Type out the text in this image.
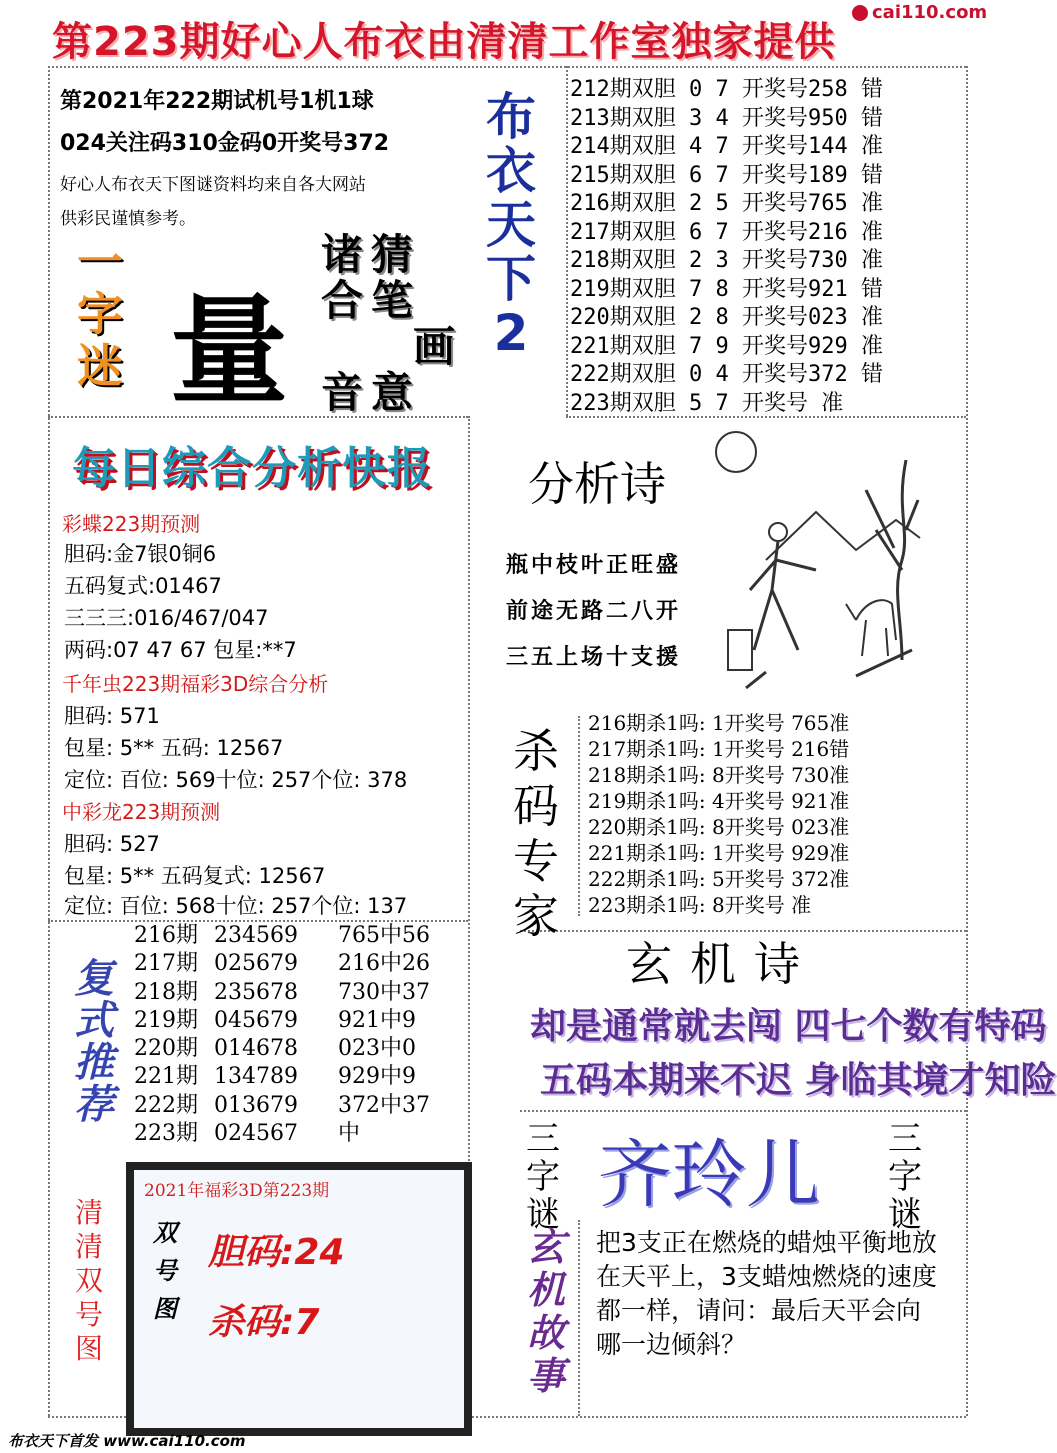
第223期好心人布衣由清清工作室独家提供
cai110.com
第2021年222期试机号1机1球
024关注码310金码0开奖号372
好心人布衣天下图谜资料均来自各大网站
供彩民谨慎参考。
布
衣
天
下
2
212期双胆 0 7 开奖号258 错
213期双胆 3 4 开奖号950 错
214期双胆 4 7 开奖号144 准
215期双胆 6 7 开奖号189 错
216期双胆 2 5 开奖号765 准
217期双胆 6 7 开奖号216 准
218期双胆 2 3 开奖号730 准
219期双胆 7 8 开奖号921 错
220期双胆 2 8 开奖号023 准
221期双胆 7 9 开奖号929 准
222期双胆 0 4 开奖号372 错
223期双胆 5 7 开奖号 准
一
字
迷 量
诸
合
音
猜
笔
意
画
每日综合分析快报
彩蝶223期预测
胆码:金7银0铜6
五码复式:01467
三三三:016/467/047
两码:07 47 67 包星:**7
千年虫223期福彩3D综合分析
胆码: 571
包星: 5** 五码: 12567
定位: 百位: 569十位: 257个位: 378
中彩龙223期预测
胆码: 527
包星: 5** 五码复式: 12567
定位: 百位: 568十位: 257个位: 137
分析诗
瓶中枝叶正旺盛
前途无路二八开
三五上场十支援
杀
码
专
家
216期杀1吗: 1开奖号 765准
217期杀1吗: 1开奖号 216错
218期杀1吗: 8开奖号 730准
219期杀1吗: 4开奖号 921准
220期杀1吗: 8开奖号 023准
221期杀1吗: 1开奖号 929准
222期杀1吗: 5开奖号 372准
223期杀1吗: 8开奖号 准
玄机诗
却是通常就去闯 四七个数有特码
五码本期来不迟 身临其境才知险
复
式
推
荐
216期 234569 765中56
217期 025679 216中26
218期 235678 730中37
219期 045679 921中9
220期 014678 023中0
221期 134789 929中9
222期 013679 372中37
223期 024567 中
清
清
双
号
图
2021年福彩3D第223期
双
号
图
胆码:24
杀码:7
三
字
谜 齐玲儿 三
字
谜
玄
机
故
事
把3支正在燃烧的蜡烛平衡地放在天平上，3支蜡烛燃烧的速度都一样，请问：最后天平会向哪一边倾斜？
布衣天下首发 www.cai110.com
